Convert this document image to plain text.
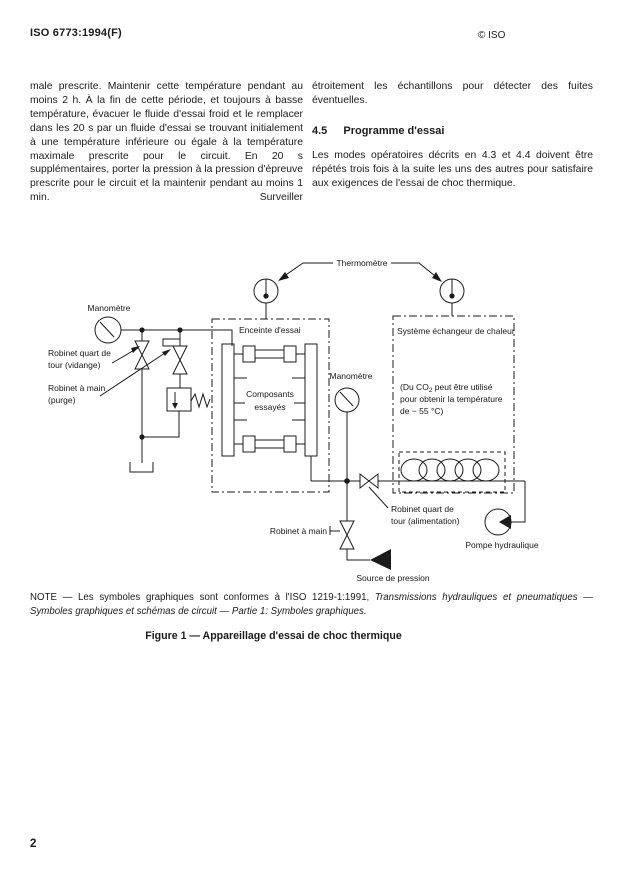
ISO 6773:1994(F)	© ISO

male prescrite. Maintenir cette température pendant au moins 2 h. À la fin de cette période, et toujours à basse température, évacuer le fluide d'essai froid et le remplacer dans les 20 s par un fluide d'essai se trouvant initialement à une température inférieure ou égale à la température maximale prescrite pour le circuit. En 20 s supplémentaires, porter la pression à la pression d'épreuve prescrite pour le circuit et la maintenir pendant au moins 1 min. Surveiller

étroitement les échantillons pour détecter des fuites éventuelles.

4.5 Programme d'essai

Les modes opératoires décrits en 4.3 et 4.4 doivent être répétés trois fois à la suite les uns des autres pour satisfaire aux exigences de l'essai de choc thermique.

Thermomètre
Manomètre
Robinet quart de
tour (vidange)
Robinet à main
(purge)
Enceinte d'essai
Composants
essayés
Système échangeur de chaleur
Manomètre
(Du $CO_2$ peut être utilisé
pour obtenir la température
de − 55 °C)
Robinet quart de
tour (alimentation)
Robinet à main
Source de pression
Pompe hydraulique

NOTE — Les symboles graphiques sont conformes à l'ISO 1219-1:1991, Transmissions hydrauliques et pneumatiques — Symboles graphiques et schémas de circuit — Partie 1: Symboles graphiques.

Figure 1 — Appareillage d'essai de choc thermique
2
